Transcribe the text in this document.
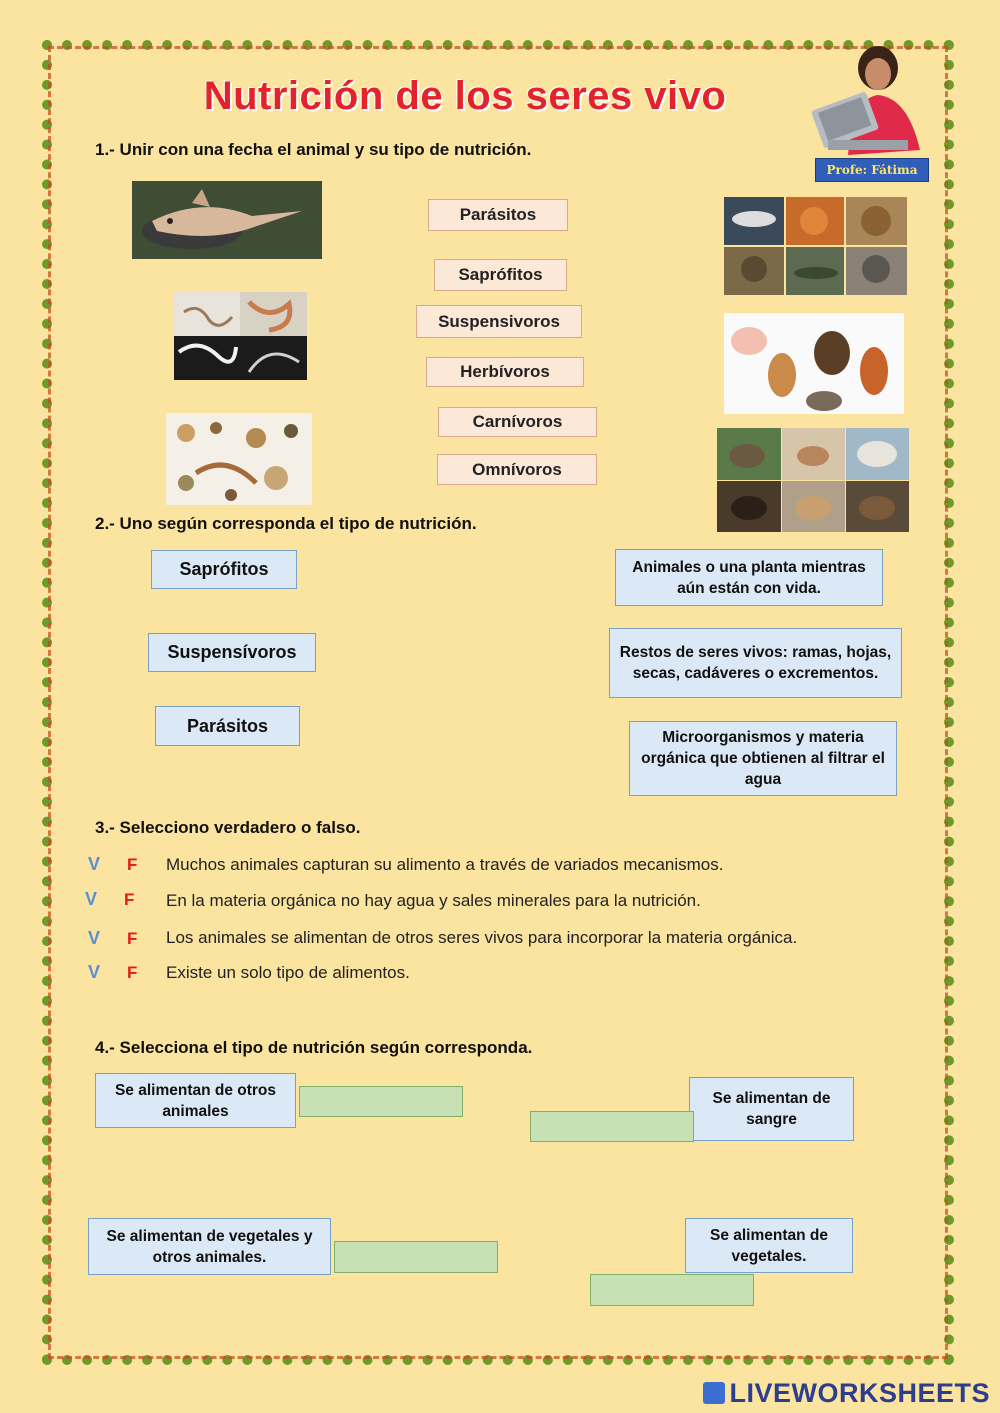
Nutrición de los seres vivo
Profe: Fátima
1.- Unir con una fecha el animal y su tipo de nutrición.
Parásitos
Saprófitos
Suspensivoros
Herbívoros
Carnívoros
Omnívoros
2.- Uno según corresponda el tipo de nutrición.
Saprófitos
Suspensívoros
Parásitos
Animales o una planta mientras aún están con vida.
Restos de seres vivos: ramas, hojas, secas, cadáveres o excrementos.
Microorganismos y materia orgánica que obtienen al filtrar el agua
3.- Selecciono verdadero o falso.
V F Muchos animales capturan su alimento a través de variados mecanismos.
V F En la materia orgánica no hay agua y sales minerales para la nutrición.
V F Los animales se alimentan de otros seres vivos para incorporar la materia orgánica.
V F Existe un solo tipo de alimentos.
4.- Selecciona el tipo de nutrición según corresponda.
Se alimentan de otros animales
Se alimentan de sangre
Se alimentan de vegetales y otros animales.
Se alimentan de vegetales.
LIVEWORKSHEETS
